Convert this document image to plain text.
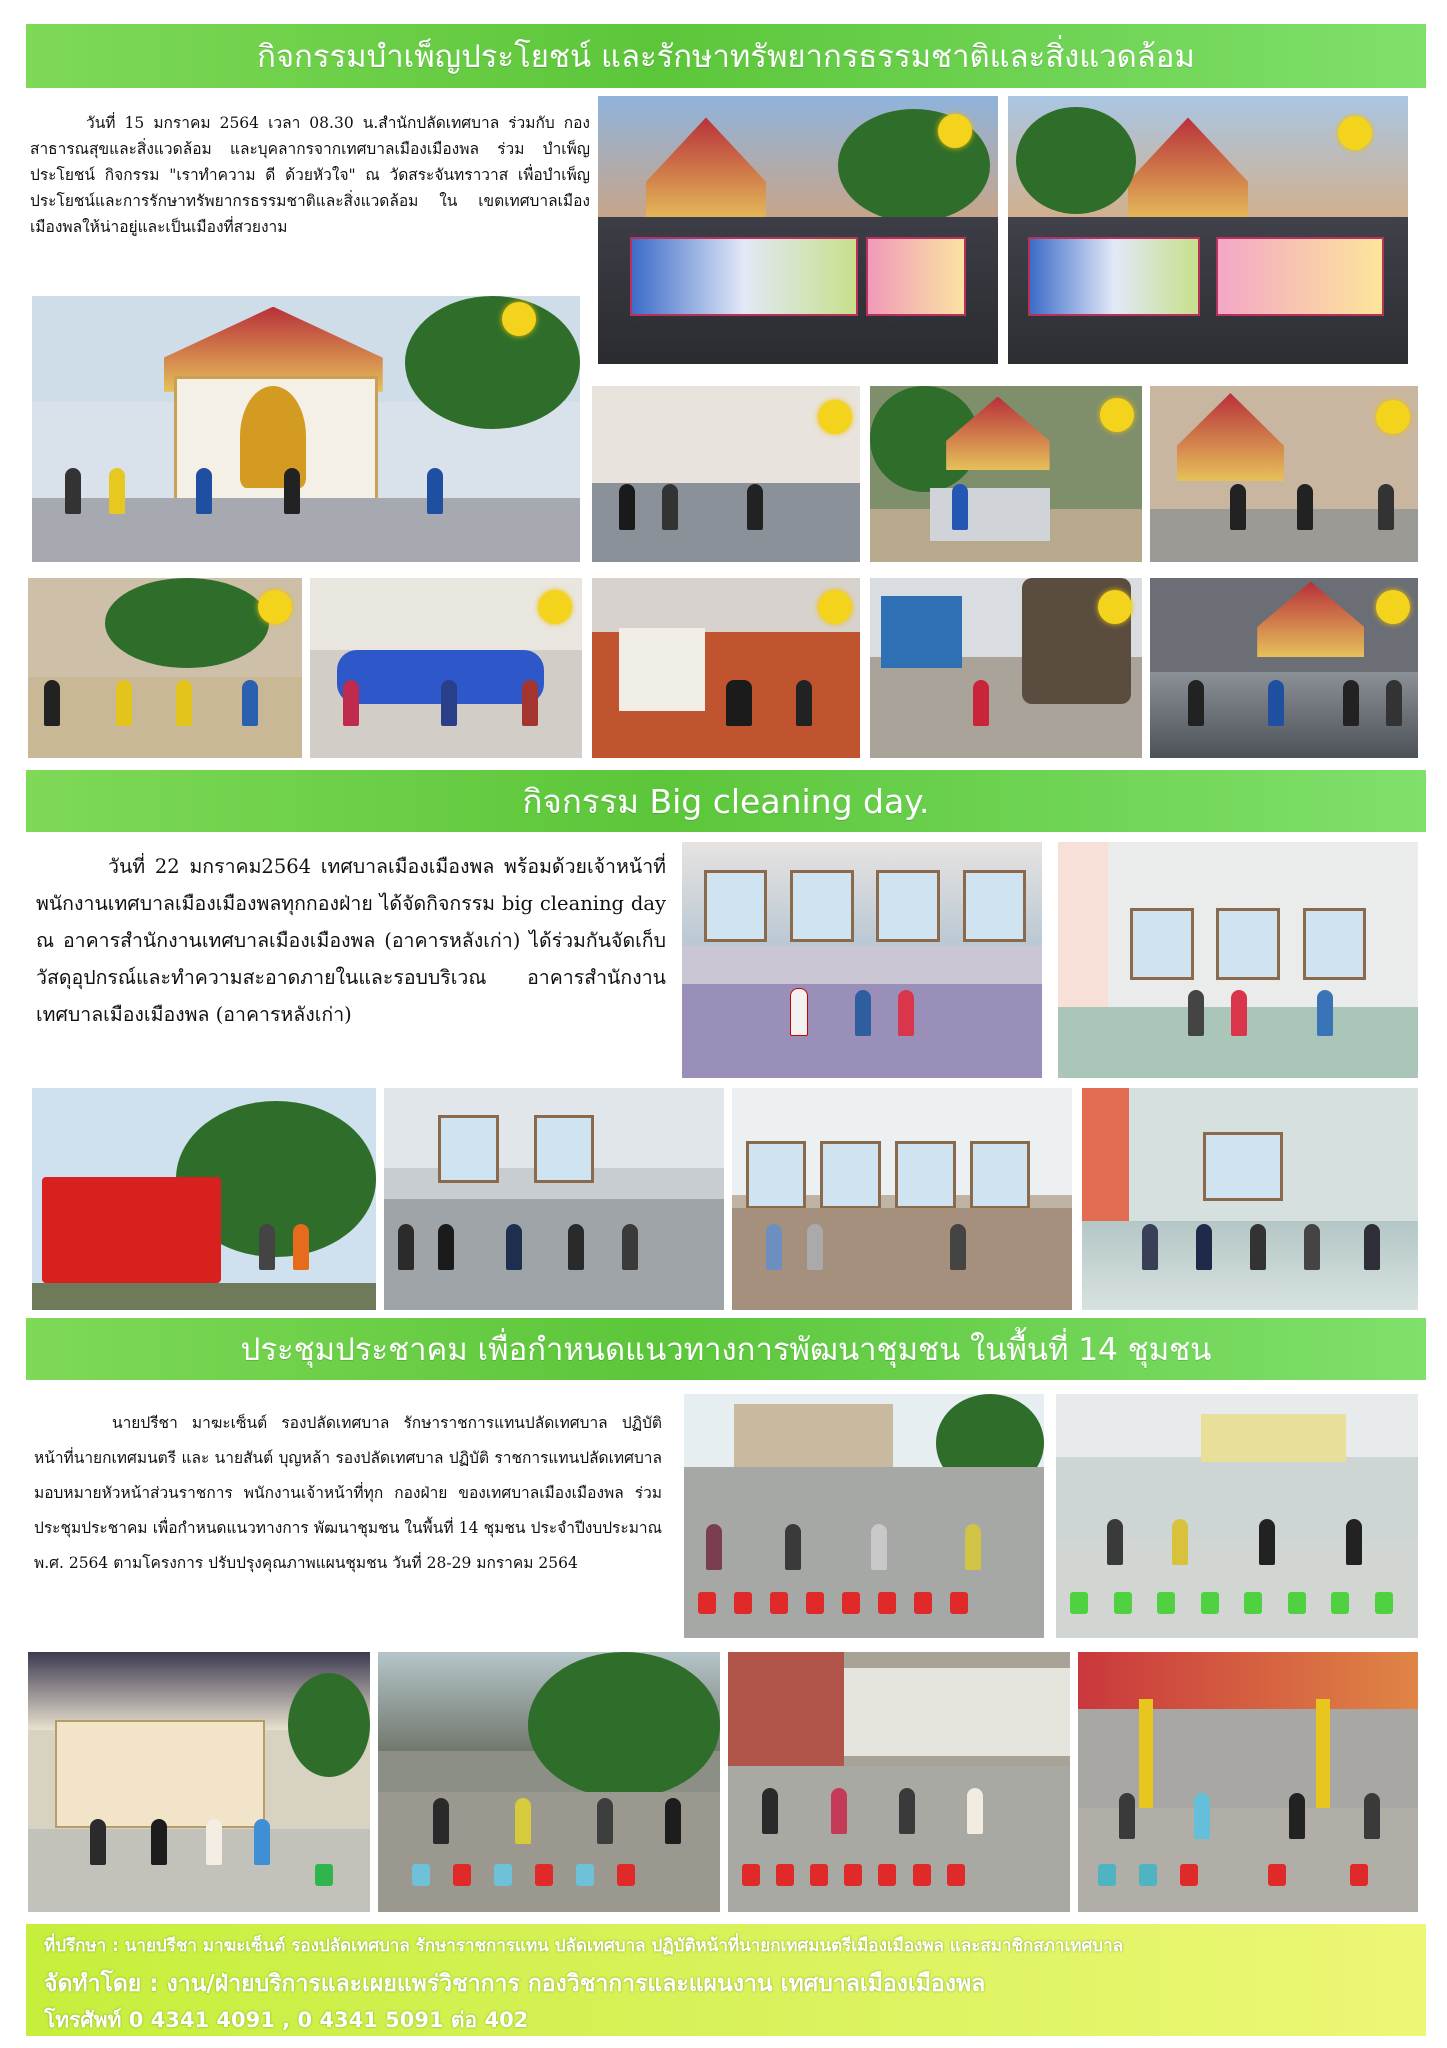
กิจกรรมบำเพ็ญประโยชน์ และรักษาทรัพยากรธรรมชาติและสิ่งแวดล้อม

วันที่ 15 มกราคม 2564 เวลา 08.30 น.สำนักปลัดเทศบาล ร่วมกับ กองสาธารณสุขและสิ่งแวดล้อม และบุคลากรจากเทศบาลเมืองเมืองพล ร่วม บำเพ็ญประโยชน์ กิจกรรม "เราทำความ ดี ด้วยหัวใจ" ณ วัดสระจันทราวาส เพื่อบำเพ็ญประโยชน์และการรักษาทรัพยากรธรรมชาติและสิ่งแวดล้อม ใน เขตเทศบาลเมืองเมืองพลให้น่าอยู่และเป็นเมืองที่สวยงาม

กิจกรรม Big cleaning day.

วันที่ 22 มกราคม2564 เทศบาลเมืองเมืองพล พร้อมด้วยเจ้าหน้าที่ พนักงานเทศบาลเมืองเมืองพลทุกกองฝ่าย ได้จัดกิจกรรม big cleaning day ณ อาคารสำนักงานเทศบาลเมืองเมืองพล (อาคารหลังเก่า) ได้ร่วมกันจัดเก็บ วัสดุอุปกรณ์และทำความสะอาดภายในและรอบบริเวณ อาคารสำนักงาน เทศบาลเมืองเมืองพล (อาคารหลังเก่า)

ประชุมประชาคม เพื่อกำหนดแนวทางการพัฒนาชุมชน ในพื้นที่ 14 ชุมชน

นายปรีชา มาฆะเซ็นต์ รองปลัดเทศบาล รักษาราชการแทนปลัดเทศบาล ปฏิบัติหน้าที่นายกเทศมนตรี และ นายสันต์ บุญหล้า รองปลัดเทศบาล ปฏิบัติ ราชการแทนปลัดเทศบาล มอบหมายหัวหน้าส่วนราชการ พนักงานเจ้าหน้าที่ทุก กองฝ่าย ของเทศบาลเมืองเมืองพล ร่วมประชุมประชาคม เพื่อกำหนดแนวทางการ พัฒนาชุมชน ในพื้นที่ 14 ชุมชน ประจำปีงบประมาณ พ.ศ. 2564 ตามโครงการ ปรับปรุงคุณภาพแผนชุมชน วันที่ 28-29 มกราคม 2564

ที่ปรึกษา : นายปรีชา มาฆะเซ็นต์ รองปลัดเทศบาล รักษาราชการแทน ปลัดเทศบาล ปฏิบัติหน้าที่นายกเทศมนตรีเมืองเมืองพล และสมาชิกสภาเทศบาล
จัดทำโดย : งาน/ฝ่ายบริการและเผยแพร่วิชาการ กองวิชาการและแผนงาน เทศบาลเมืองเมืองพล
โทรศัพท์ 0 4341 4091 , 0 4341 5091 ต่อ 402
